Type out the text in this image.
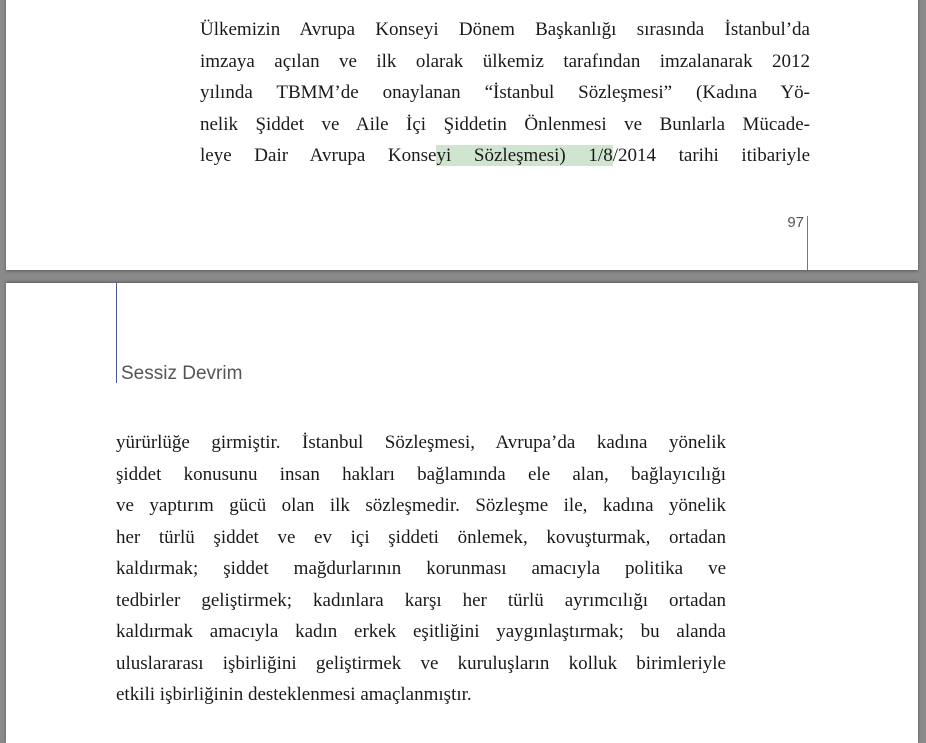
Ülkemizin Avrupa Konseyi Dönem Başkanlığı sırasında İstanbul’da
imzaya açılan ve ilk olarak ülkemiz tarafından imzalanarak 2012
yılında TBMM’de onaylanan “İstanbul Sözleşmesi” (Kadına Yö-
nelik Şiddet ve Aile İçi Şiddetin Önlenmesi ve Bunlarla Mücade-
leye Dair Avrupa Konseyi Sözleşmesi) 1/8/2014 tarihi itibariyle
97
Sessiz Devrim
yürürlüğe girmiştir. İstanbul Sözleşmesi, Avrupa’da kadına yönelik
şiddet konusunu insan hakları bağlamında ele alan, bağlayıcılığı
ve yaptırım gücü olan ilk sözleşmedir. Sözleşme ile, kadına yönelik
her türlü şiddet ve ev içi şiddeti önlemek, kovuşturmak, ortadan
kaldırmak; şiddet mağdurlarının korunması amacıyla politika ve
tedbirler geliştirmek; kadınlara karşı her türlü ayrımcılığı ortadan
kaldırmak amacıyla kadın erkek eşitliğini yaygınlaştırmak; bu alanda
uluslararası işbirliğini geliştirmek ve kuruluşların kolluk birimleriyle
etkili işbirliğinin desteklenmesi amaçlanmıştır.
